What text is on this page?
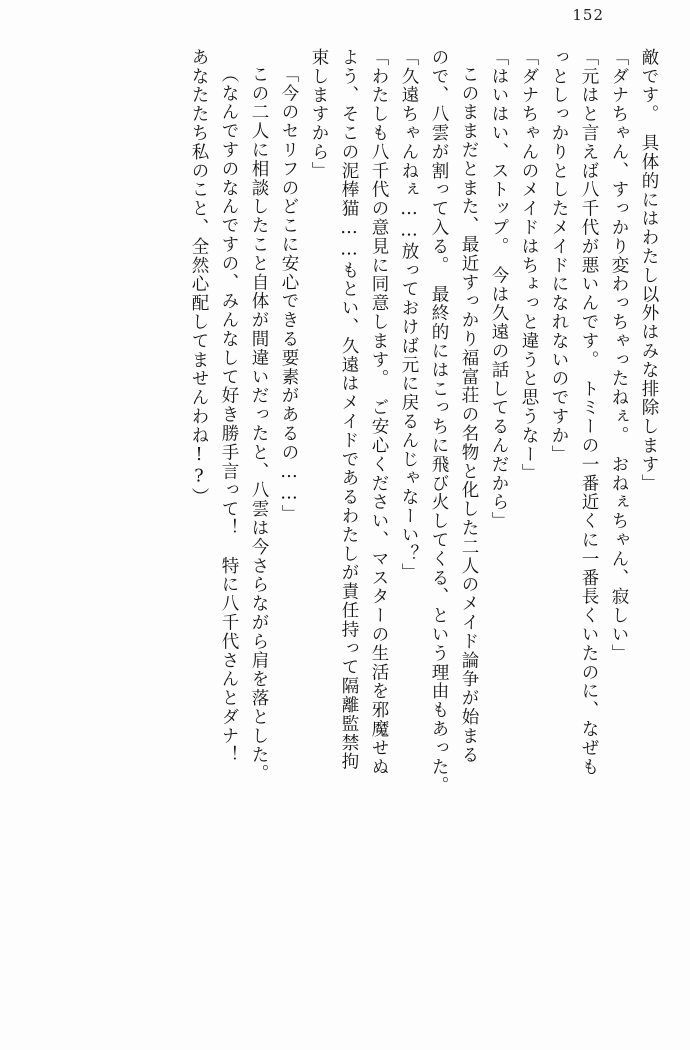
152
敵です。　具体的にはわたし以外はみな排除します」
「ダナちゃん、すっかり変わっちゃったねぇ。　おねぇちゃん、寂しい」
「元はと言えば八千代が悪いんです。　トミーの一番近くに一番長くいたのに、なぜも
っとしっかりとしたメイドになれないのですか」
「ダナちゃんのメイドはちょっと違うと思うなー」
「はいはい、ストップ。　今は久遠の話してるんだから」
このままだとまた、最近すっかり福富荘の名物と化した二人のメイド論争が始まる
ので、八雲が割って入る。　最終的にはこっちに飛び火してくる、という理由もあった。
「久遠ちゃんねぇ……放っておけば元に戻るんじゃなーい？」
「わたしも八千代の意見に同意します。　ご安心ください、マスターの生活を邪魔せぬ
よう、そこの泥棒猫……もとい、久遠はメイドであるわたしが責任持って隔離監禁拘
束しますから」
「今のセリフのどこに安心できる要素があるの……」
この二人に相談したこと自体が間違いだったと、八雲は今さらながら肩を落とした。
（なんですのなんですの、みんなして好き勝手言って！　特に八千代さんとダナ！
あなたたち私のこと、全然心配してませんわね!?）
